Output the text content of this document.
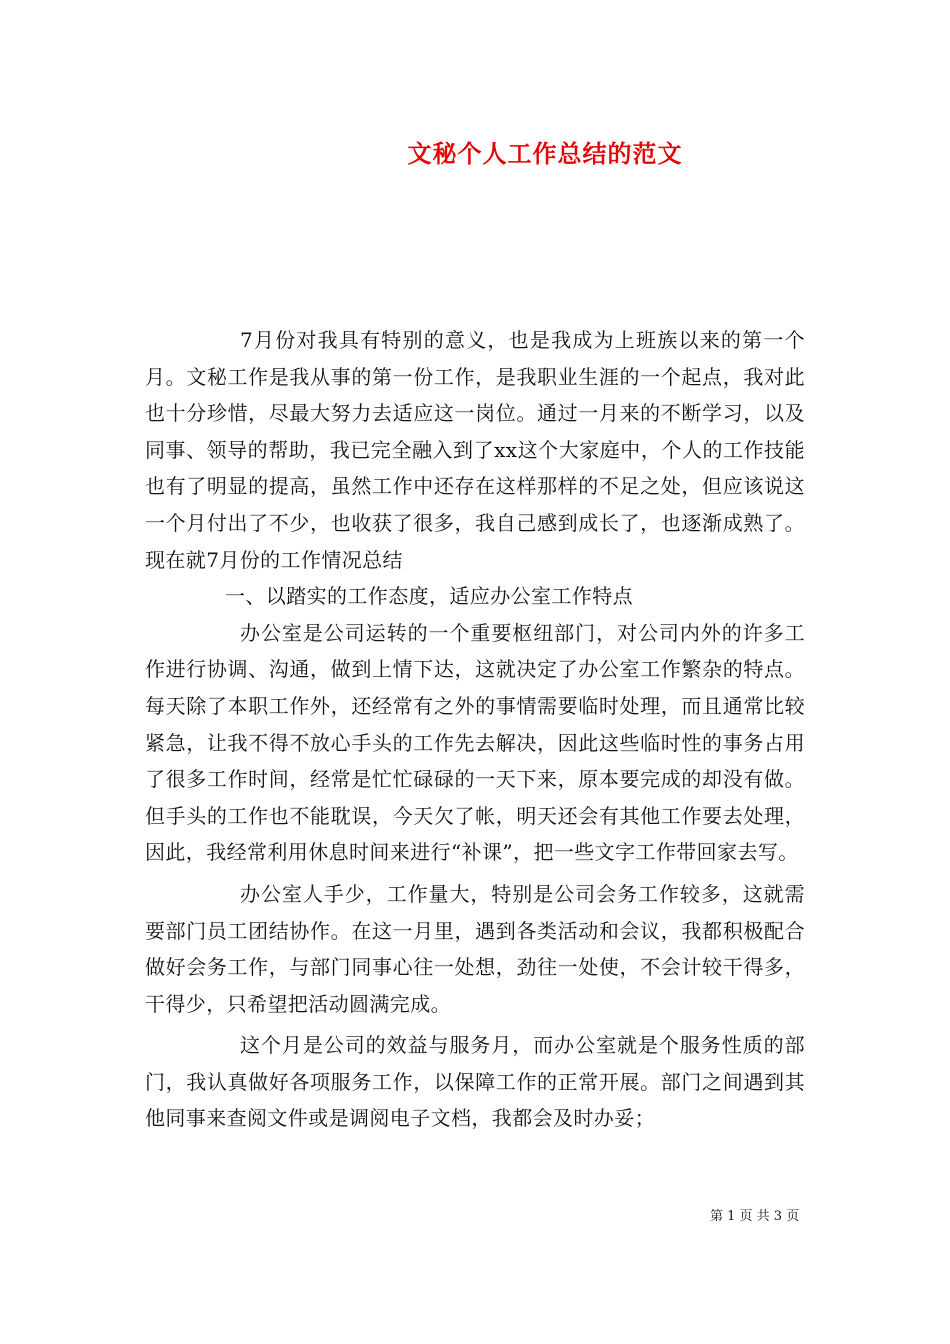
文秘个人工作总结的范文

7月份对我具有特别的意义，也是我成为上班族以来的第一个月。文秘工作是我从事的第一份工作，是我职业生涯的一个起点，我对此也十分珍惜，尽最大努力去适应这一岗位。通过一月来的不断学习，以及同事、领导的帮助，我已完全融入到了xx这个大家庭中，个人的工作技能也有了明显的提高，虽然工作中还存在这样那样的不足之处，但应该说这一个月付出了不少，也收获了很多，我自己感到成长了，也逐渐成熟了。现在就7月份的工作情况总结

一、以踏实的工作态度，适应办公室工作特点

办公室是公司运转的一个重要枢纽部门，对公司内外的许多工作进行协调、沟通，做到上情下达，这就决定了办公室工作繁杂的特点。每天除了本职工作外，还经常有之外的事情需要临时处理，而且通常比较紧急，让我不得不放心手头的工作先去解决，因此这些临时性的事务占用了很多工作时间，经常是忙忙碌碌的一天下来，原本要完成的却没有做。但手头的工作也不能耽误，今天欠了帐，明天还会有其他工作要去处理，因此，我经常利用休息时间来进行“补课”，把一些文字工作带回家去写。

办公室人手少，工作量大，特别是公司会务工作较多，这就需要部门员工团结协作。在这一月里，遇到各类活动和会议，我都积极配合做好会务工作，与部门同事心往一处想，劲往一处使，不会计较干得多，干得少，只希望把活动圆满完成。

这个月是公司的效益与服务月，而办公室就是个服务性质的部门，我认真做好各项服务工作，以保障工作的正常开展。部门之间遇到其他同事来查阅文件或是调阅电子文档，我都会及时办妥；

第 1 页 共 3 页
